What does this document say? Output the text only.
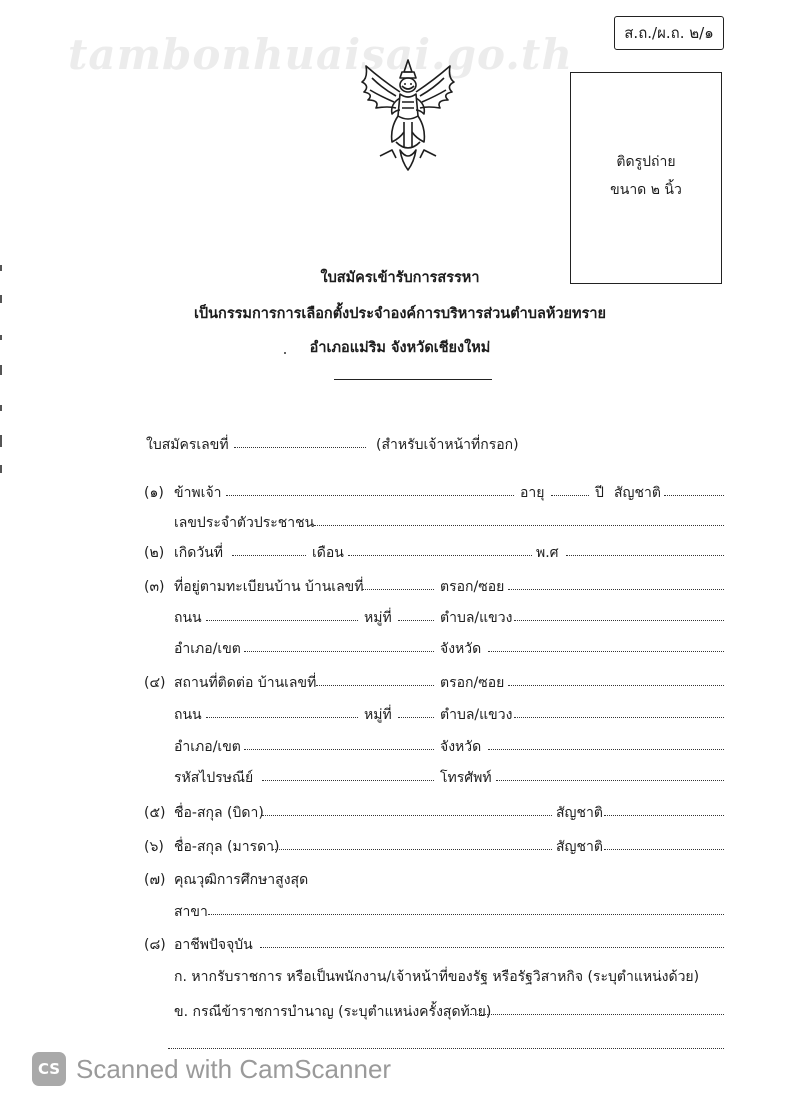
tambonhuaisai.go.th	ส.ถ./ผ.ถ. ๒/๑
ติดรูปถ่าย
ขนาด ๒ นิ้ว
ใบสมัครเข้ารับการสรรหา
เป็นกรรมการการเลือกตั้งประจำองค์การบริหารส่วนตำบลห้วยทราย
อำเภอแม่ริม จังหวัดเชียงใหม่
ใบสมัครเลขที่	(สำหรับเจ้าหน้าที่กรอก)
(๑) ข้าพเจ้า	อายุ	ปี สัญชาติ
เลขประจำตัวประชาชน
(๒) เกิดวันที่	เดือน	พ.ศ
(๓) ที่อยู่ตามทะเบียนบ้าน บ้านเลขที่	ตรอก/ซอย
ถนน	หมู่ที่	ตำบล/แขวง
อำเภอ/เขต	จังหวัด
(๔) สถานที่ติดต่อ บ้านเลขที่	ตรอก/ซอย
ถนน	หมู่ที่	ตำบล/แขวง
อำเภอ/เขต	จังหวัด
รหัสไปรษณีย์	โทรศัพท์
(๕) ชื่อ-สกุล (บิดา)	สัญชาติ
(๖) ชื่อ-สกุล (มารดา)	สัญชาติ
(๗) คุณวุฒิการศึกษาสูงสุด
สาขา
(๘) อาชีพปัจจุบัน
ก. หากรับราชการ หรือเป็นพนักงาน/เจ้าหน้าที่ของรัฐ หรือรัฐวิสาหกิจ (ระบุตำแหน่งด้วย)
ข. กรณีข้าราชการบำนาญ (ระบุตำแหน่งครั้งสุดท้าย)
CS Scanned with CamScanner
